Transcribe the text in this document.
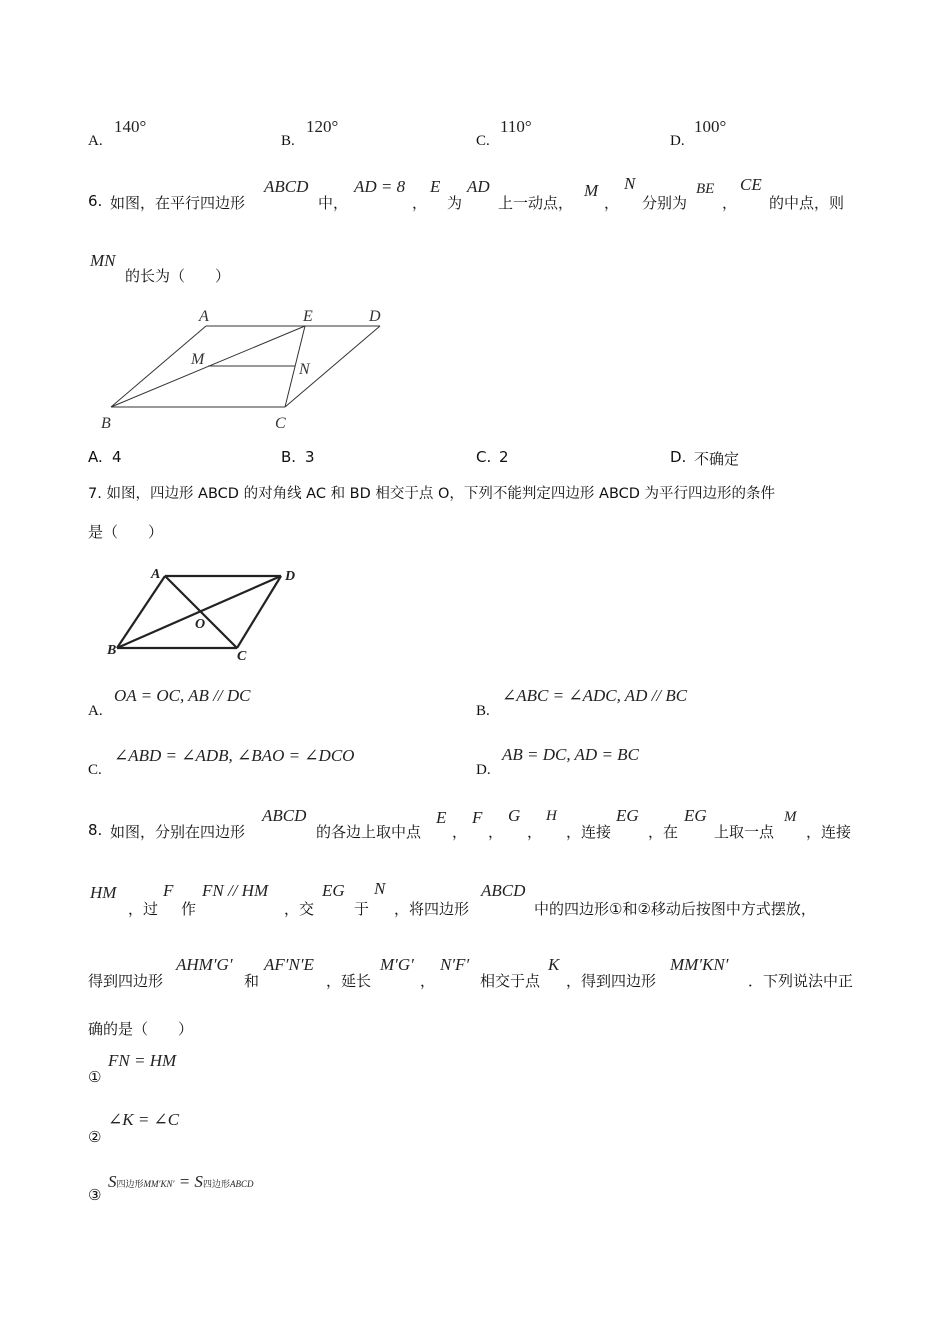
A.
140°
B.
120°
C.
110°
D.
100°
6. 如图，在平行四边形
ABCD
中，
AD = 8
，
E
为
AD
上一动点，
M
，
N
分别为
BE
，
CE
的中点，则
MN
的长为（　　）
A	E	D
M
N
B	C
A. 4	B. 3	C. 2	D. 不确定
7. 如图，四边形 ABCD 的对角线 AC 和 BD 相交于点 O，下列不能判定四边形 ABCD 为平行四边形的条件
是（　　）
A	D
O
B	C
A.
OA = OC, AB // DC
B.
∠ABC = ∠ADC, AD // BC
C.
∠ABD = ∠ADB, ∠BAO = ∠DCO
D.
AB = DC, AD = BC
8. 如图，分别在四边形
ABCD
的各边上取中点
E
，
F
，
G
，
H
，连接
EG
，在
EG
上取一点
M
，连接
HM
，过
F
作
FN // HM
，交
EG
于
N
，将四边形
ABCD
中的四边形①和②移动后按图中方式摆放，
得到四边形
AHM′G′
和
AF′N′E
，延长
M′G′
，
N′F′
相交于点
K
，得到四边形
MM′KN′
．下列说法中正
确的是（　　）
①
FN = HM
②
∠K = ∠C
③
S四边形MM′KN′ = S四边形ABCD
